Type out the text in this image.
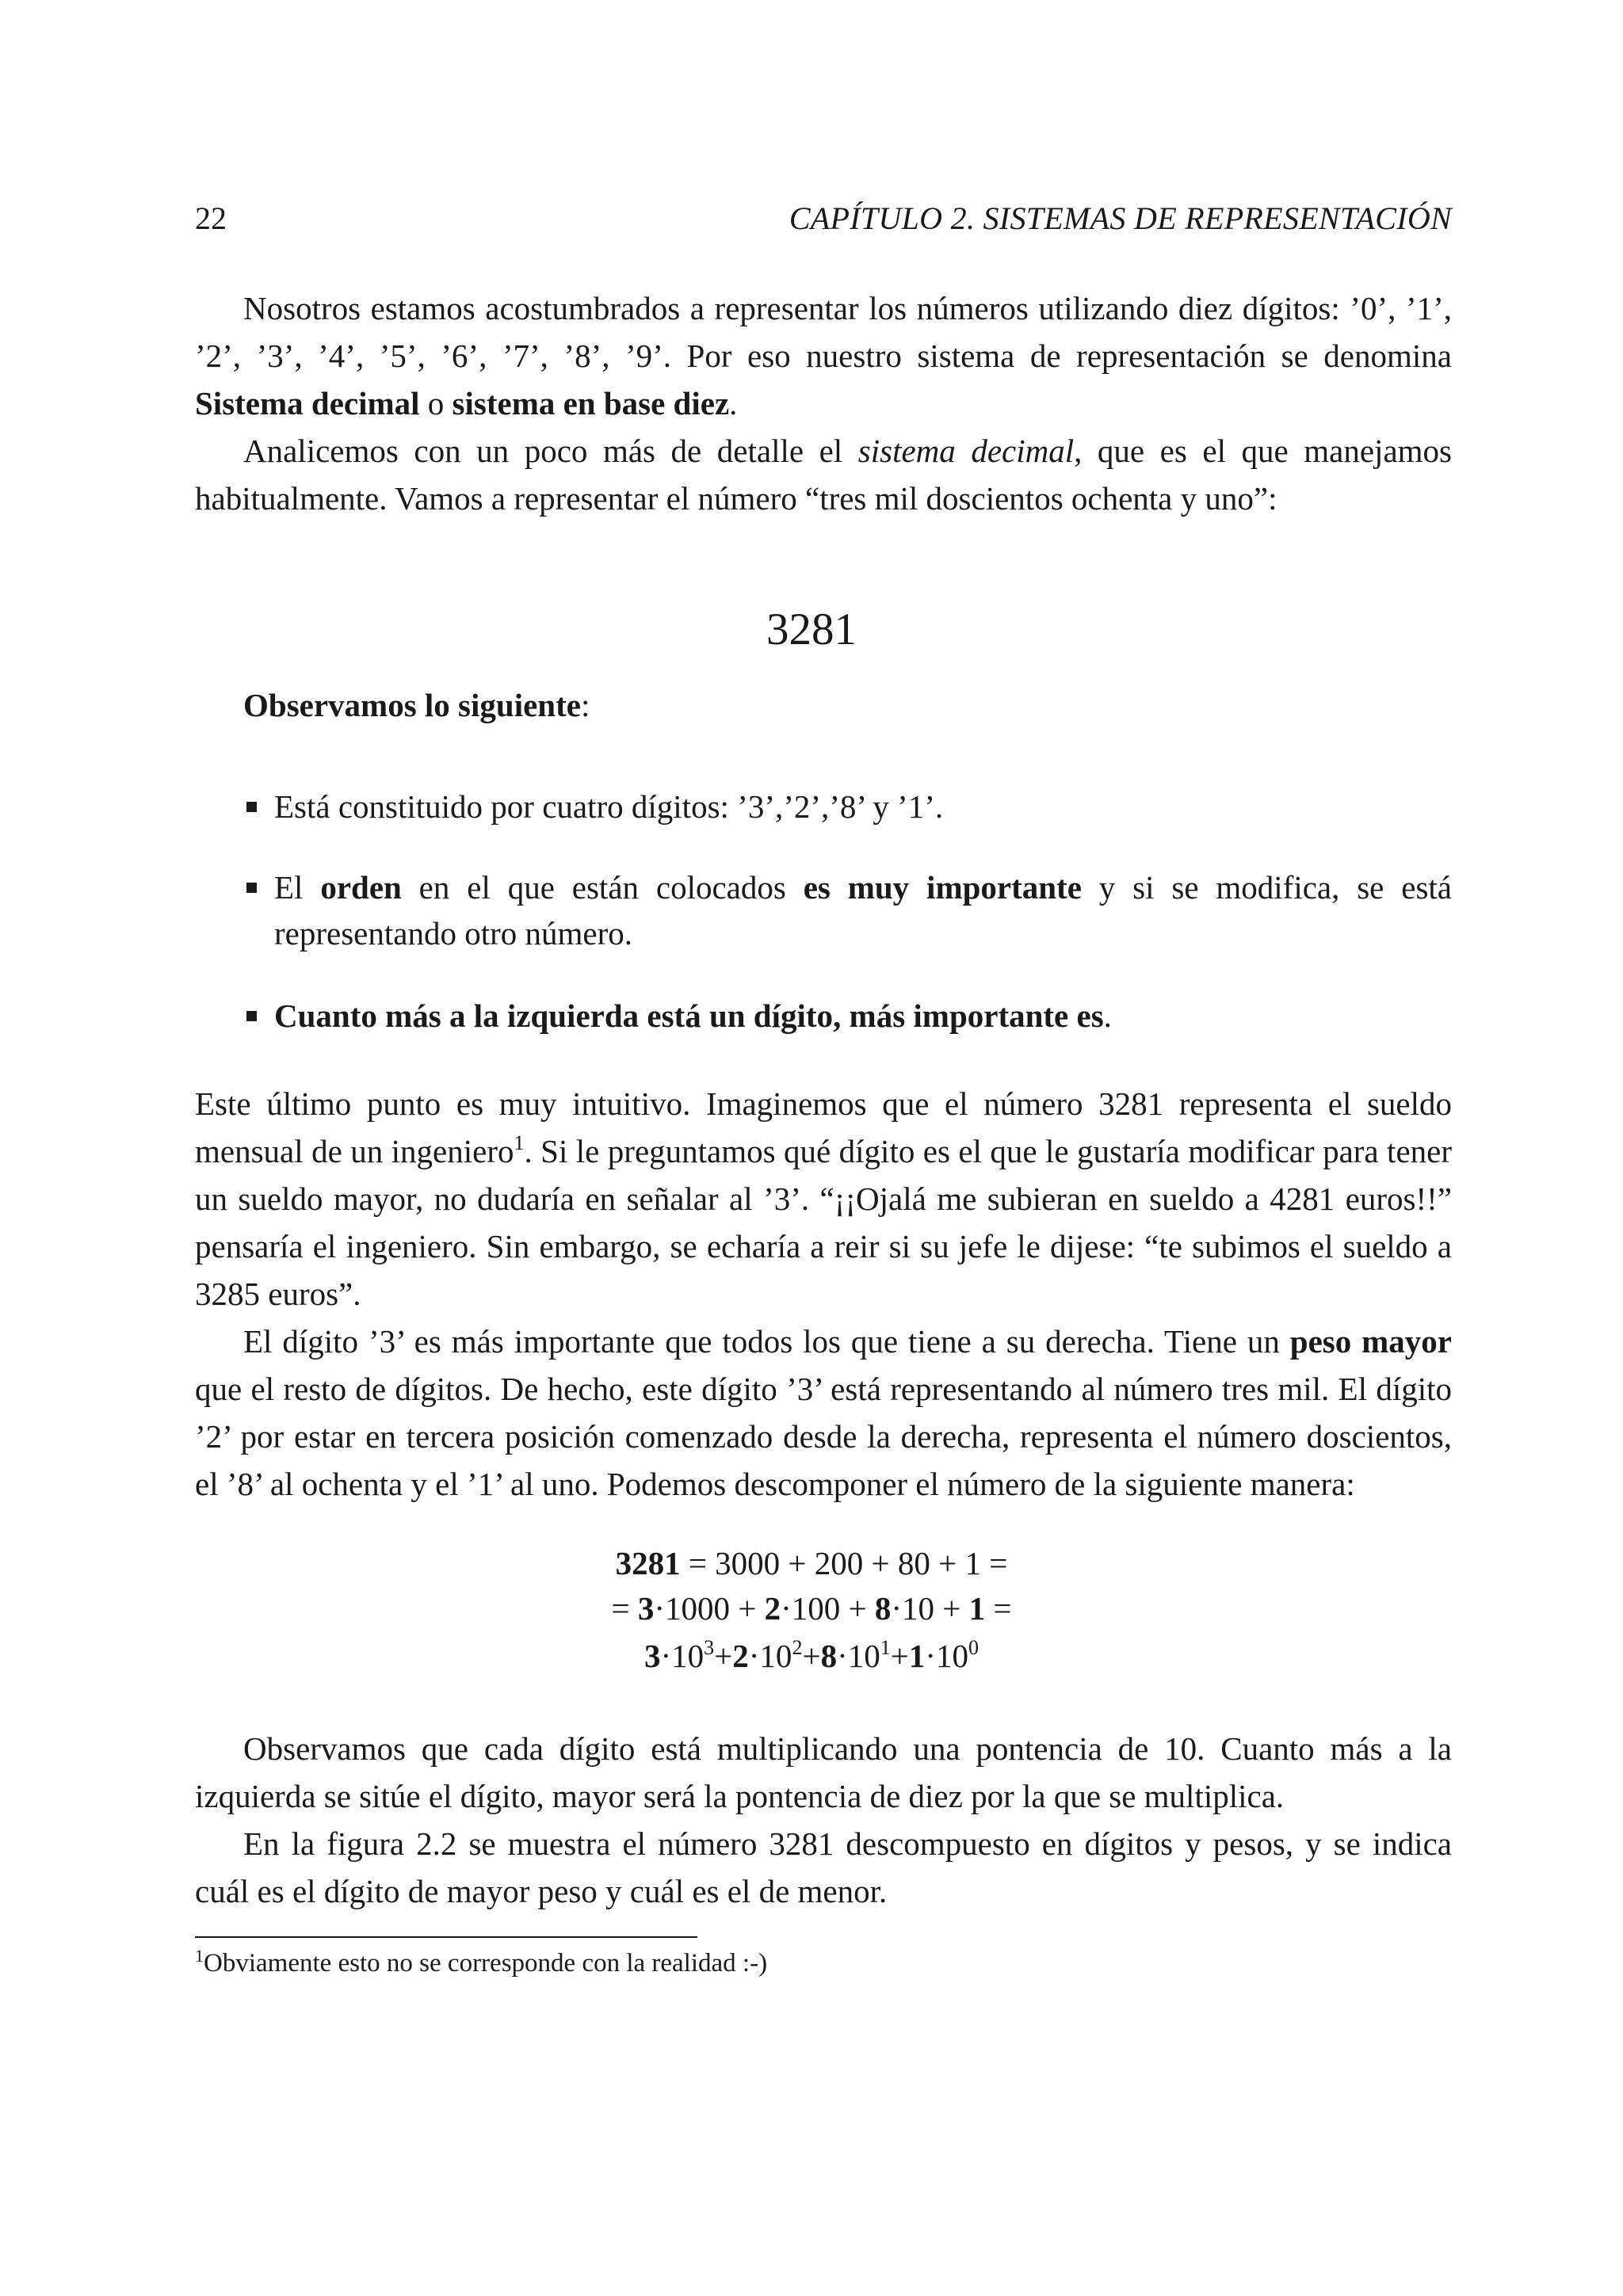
22	CAPÍTULO 2. SISTEMAS DE REPRESENTACIÓN

Nosotros estamos acostumbrados a representar los números utilizando diez dígitos: ’0’, ’1’, ’2’, ’3’, ’4’, ’5’, ’6’, ’7’, ’8’, ’9’. Por eso nuestro sistema de representación se denomina Sistema decimal o sistema en base diez.

Analicemos con un poco más de detalle el sistema decimal, que es el que manejamos habitualmente. Vamos a representar el número “tres mil doscientos ochenta y uno”:

3281
Observamos lo siguiente:
Está constituido por cuatro dígitos: ’3’,’2’,’8’ y ’1’.
El orden en el que están colocados es muy importante y si se modifica, se está representando otro número.
Cuanto más a la izquierda está un dígito, más importante es.

Este último punto es muy intuitivo. Imaginemos que el número 3281 representa el sueldo mensual de un ingeniero$^1$. Si le preguntamos qué dígito es el que le gustaría modificar para tener un sueldo mayor, no dudaría en señalar al ’3’. “¡¡Ojalá me subieran en sueldo a 4281 euros!!” pensaría el ingeniero. Sin embargo, se echaría a reir si su jefe le dijese: “te subimos el sueldo a 3285 euros”.

El dígito ’3’ es más importante que todos los que tiene a su derecha. Tiene un peso mayor que el resto de dígitos. De hecho, este dígito ’3’ está representando al número tres mil. El dígito ’2’ por estar en tercera posición comenzado desde la derecha, representa el número doscientos, el ’8’ al ochenta y el ’1’ al uno. Podemos descomponer el número de la siguiente manera:

3281 = 3000 + 200 + 80 + 1 =
= 3·1000 + 2·100 + 8·10 + 1 =
$3\cdot 10^3+2\cdot 10^2+8\cdot 10^1+1\cdot 10^0$

Observamos que cada dígito está multiplicando una pontencia de 10. Cuanto más a la izquierda se sitúe el dígito, mayor será la pontencia de diez por la que se multiplica.

En la figura 2.2 se muestra el número 3281 descompuesto en dígitos y pesos, y se indica cuál es el dígito de mayor peso y cuál es el de menor.

$^1$Obviamente esto no se corresponde con la realidad :-)
